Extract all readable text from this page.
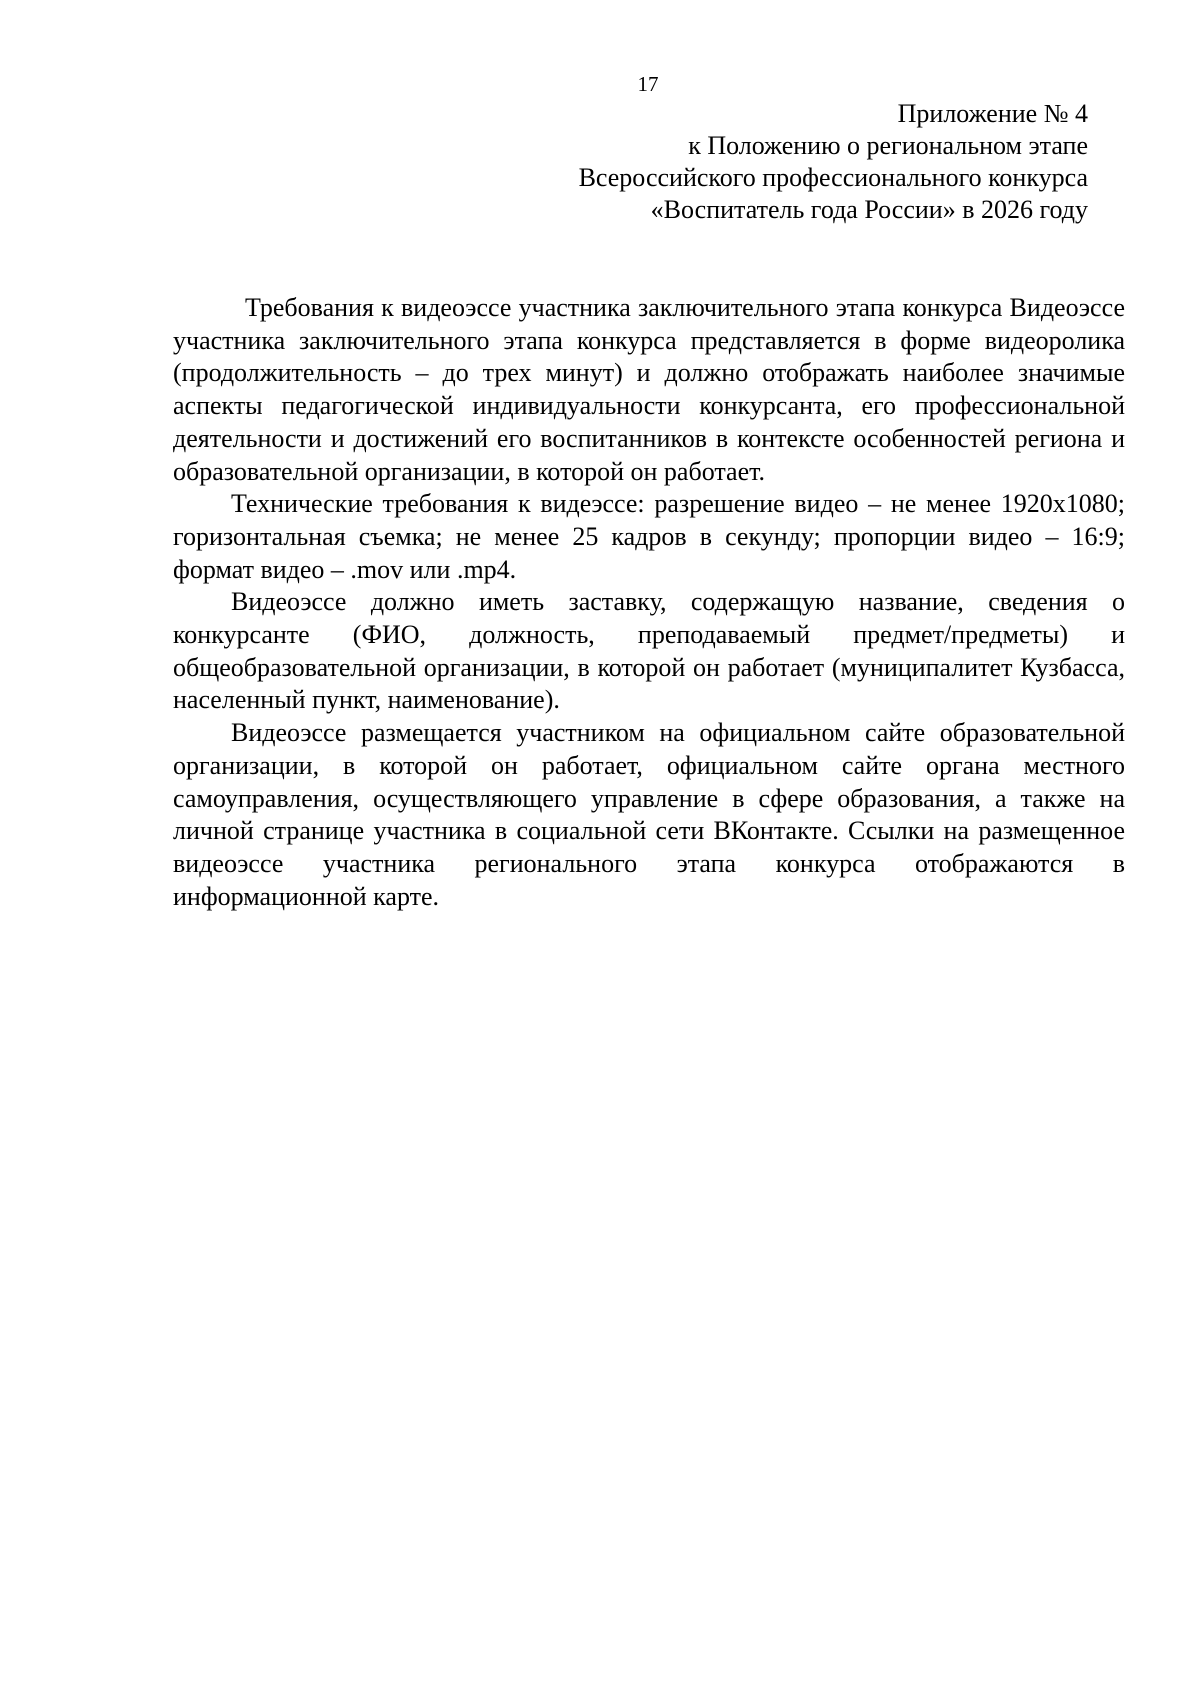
17
Приложение № 4
к Положению о региональном этапе
Всероссийского профессионального конкурса
«Воспитатель года России» в 2026 году

Требования к видеоэссе участника заключительного этапа конкурса Видеоэссе участника заключительного этапа конкурса представляется в форме видеоролика (продолжительность – до трех минут) и должно отображать наиболее значимые аспекты педагогической индивидуальности конкурсанта, его профессиональной деятельности и достижений его воспитанников в контексте особенностей региона и образовательной организации, в которой он работает.

Технические требования к видеэссе: разрешение видео – не менее 1920х1080; горизонтальная съемка; не менее 25 кадров в секунду; пропорции видео – 16:9; формат видео – .mov или .mp4.

Видеоэссе должно иметь заставку, содержащую название, сведения о конкурсанте (ФИО, должность, преподаваемый предмет/предметы) и общеобразовательной организации, в которой он работает (муниципалитет Кузбасса, населенный пункт, наименование).

Видеоэссе размещается участником на официальном сайте образовательной организации, в которой он работает, официальном сайте органа местного самоуправления, осуществляющего управление в сфере образования, а также на личной странице участника в социальной сети ВКонтакте. Ссылки на размещенное видеоэссе участника регионального этапа конкурса отображаются в информационной карте.
